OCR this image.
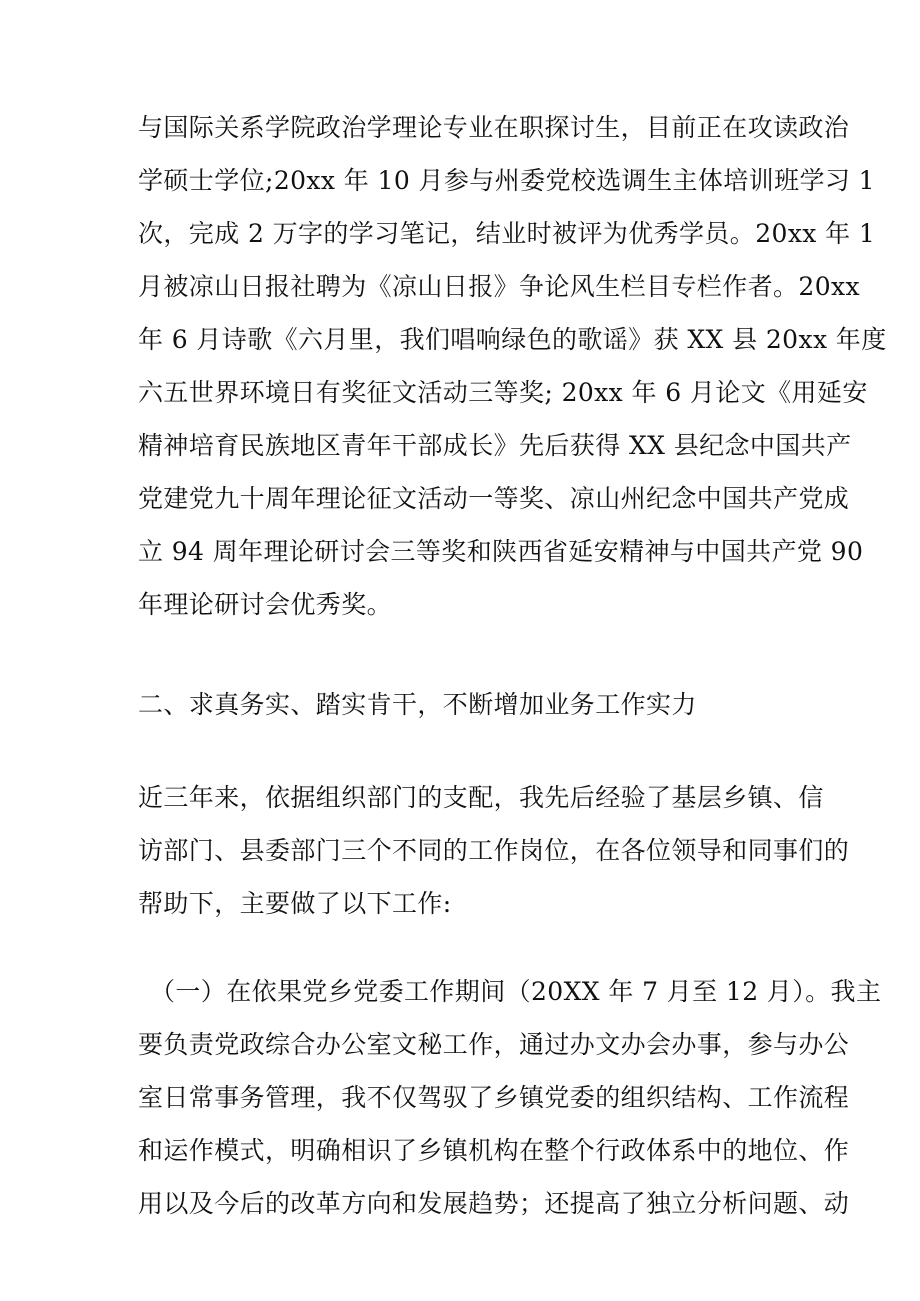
与国际关系学院政治学理论专业在职探讨生，目前正在攻读政治
学硕士学位;20xx 年 10 月参与州委党校选调生主体培训班学习 1
次，完成 2 万字的学习笔记，结业时被评为优秀学员。20xx 年 1
月被凉山日报社聘为《凉山日报》争论风生栏目专栏作者。20xx
年 6 月诗歌《六月里，我们唱响绿色的歌谣》获 XX 县 20xx 年度
六五世界环境日有奖征文活动三等奖; 20xx 年 6 月论文《用延安
精神培育民族地区青年干部成长》先后获得 XX 县纪念中国共产
党建党九十周年理论征文活动一等奖、凉山州纪念中国共产党成
立 94 周年理论研讨会三等奖和陕西省延安精神与中国共产党 90
年理论研讨会优秀奖。
二、求真务实、踏实肯干，不断增加业务工作实力
近三年来，依据组织部门的支配，我先后经验了基层乡镇、信
访部门、县委部门三个不同的工作岗位，在各位领导和同事们的
帮助下，主要做了以下工作:
（一）在依果党乡党委工作期间（20XX 年 7 月至 12 月）。我主
要负责党政综合办公室文秘工作，通过办文办会办事，参与办公
室日常事务管理，我不仅驾驭了乡镇党委的组织结构、工作流程
和运作模式，明确相识了乡镇机构在整个行政体系中的地位、作
用以及今后的改革方向和发展趋势；还提高了独立分析问题、动
